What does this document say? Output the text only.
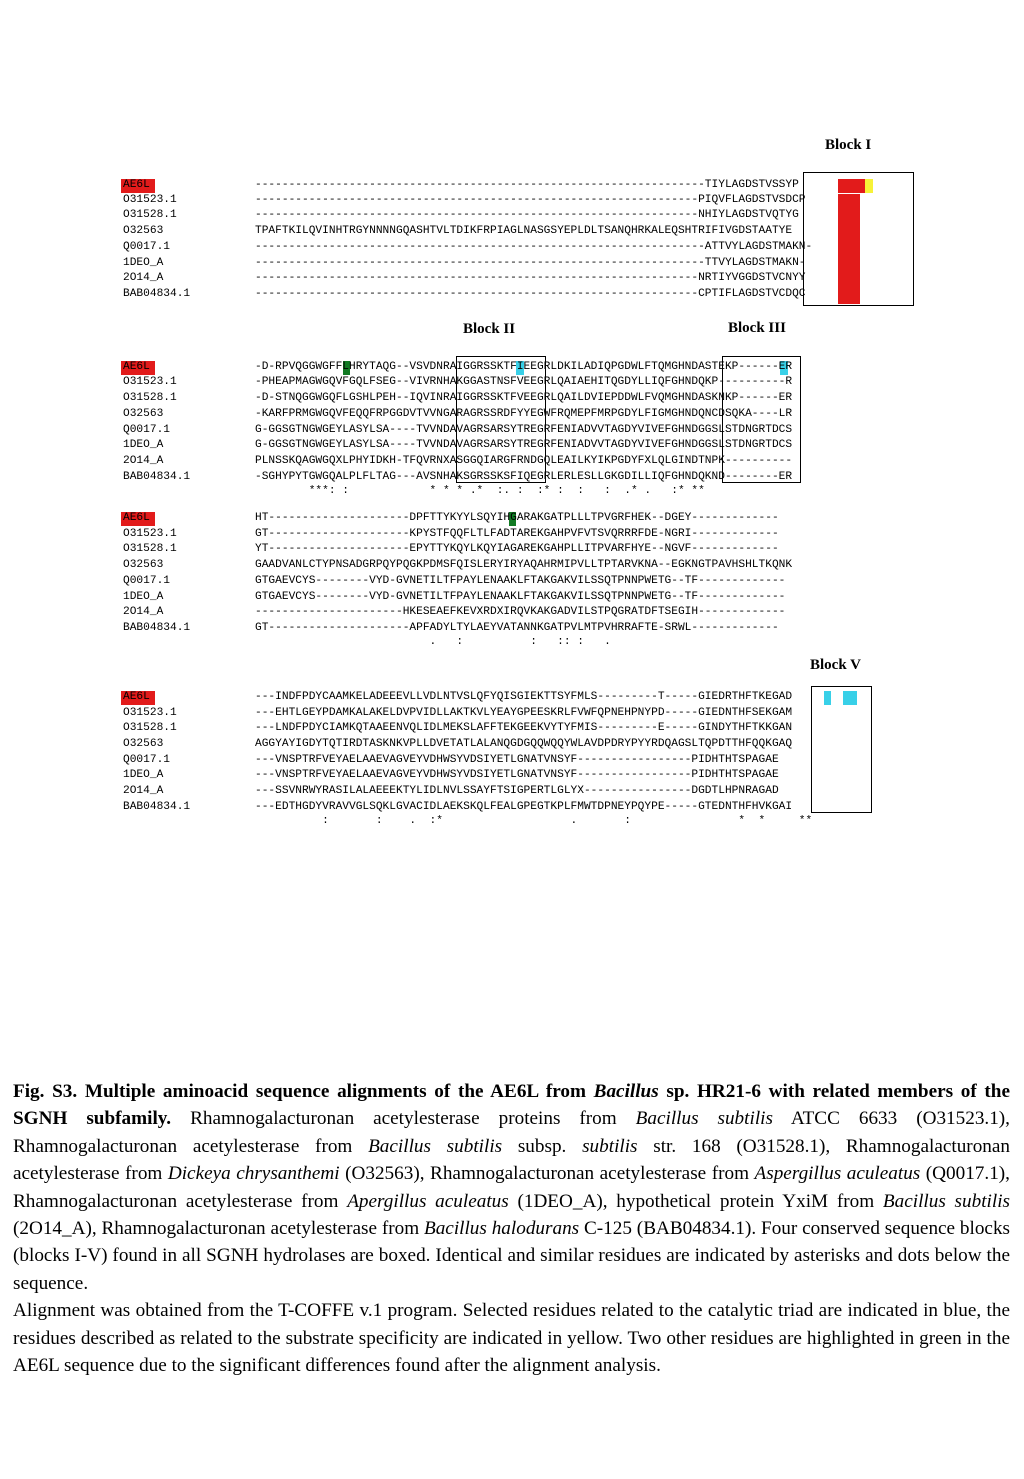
Block I
Block II	Block III
Block V
AE6L	-------------------------------------------------------------------TIYLAGDSTVSSYP
O31523.1	------------------------------------------------------------------PIQVFLAGDSTVSDCP
O31528.1	------------------------------------------------------------------NHIYLAGDSTVQTYG
O32563	TPAFTKILQVINHTRGYNNNNGQASHTVLTDIKFRPIAGLNASGSYEPLDLTSANQHRKALEQSHTRIFIVGDSTAATYE
Q0017.1	-------------------------------------------------------------------ATTVYLAGDSTMAKN-
1DEO_A	-------------------------------------------------------------------TTVYLAGDSTMAKN-
2O14_A	------------------------------------------------------------------NRTIYVGGDSTVCNYY
BAB04834.1	------------------------------------------------------------------CPTIFLAGDSTVCDQC
AE6L	-D-RPVQGGWGFFLHRYTAQG--VSVDNRAIGGRSSKTFIEEGRLDKILADIQPGDWLFTQMGHNDASTEKP------ER
O31523.1	-PHEAPMAGWGQVFGQLFSEG--VIVRNHAKGGASTNSFVEEGRLQAIAEHITQGDYLLIQFGHNDQKP----------R
O31528.1	-D-STNQGGWGQFLGSHLPEH--IQVINRAIGGRSSKTFVEEGRLQAILDVIEPDDWLFVQMGHNDASKNKP------ER
O32563	-KARFPRMGWGQVFEQQFRPGGDVTVVNGARAGRSSRDFYYEGWFRQMEPFMRPGDYLFIGMGHNDQNCDSQKA----LR
Q0017.1	G-GGSGTNGWGEYLASYLSA----TVVNDAVAGRSARSYTREGRFENIADVVTAGDYVIVEFGHNDGGSLSTDNGRTDCS
1DEO_A	G-GGSGTNGWGEYLASYLSA----TVVNDAVAGRSARSYTREGRFENIADVVTAGDYVIVEFGHNDGGSLSTDNGRTDCS
2O14_A	PLNSSKQAGWGQXLPHYIDKH-TFQVRNXASGGQIARGFRNDGQLEAILKYIKPGDYFXLQLGINDTNPK----------
BAB04834.1	-SGHYPYTGWGQALPLFLTAG---AVSNHAKSGRSSKSFIQEGRLERLESLLGKGDILLIQFGHNDQKND--------ER
***: :            * * * .*  :. :  :* :  :   :  .* .   :* **
AE6L	HT---------------------DPFTTYKYYLSQYIHGARAKGATPLLLTPVGRFHEK--DGEY-------------
O31523.1	GT---------------------KPYSTFQQFLTLFADTAREKGAHPVFVTSVQRRRFDE-NGRI-------------
O31528.1	YT---------------------EPYTTYKQYLKQYIAGAREKGAHPLLITPVARFHYE--NGVF-------------
O32563	GAADVANLCTYPNSADGRPQYPQGKPDMSFQISLERYIRYAQAHRMIPVLLTPTARVKNA--EGKNGTPAVHSHLTKQNK
Q0017.1	GTGAEVCYS--------VYD-GVNETILTFPAYLENAAKLFTAKGAKVILSSQTPNNPWETG--TF-------------
1DEO_A	GTGAEVCYS--------VYD-GVNETILTFPAYLENAAKLFTAKGAKVILSSQTPNNPWETG--TF-------------
2O14_A	----------------------HKESEAEFKEVXRDXIRQVKAKGADVILSTPQGRATDFTSEGIH-------------
BAB04834.1	GT---------------------APFADYLTYLAEYVATANNKGATPVLMTPVHRRAFTE-SRWL-------------
.   :          :   :: :   .
AE6L	---INDFPDYCAAMKELADEEEVLLVDLNTVSLQFYQISGIEKTTSYFMLS---------T-----GIEDRTHFTKEGAD
O31523.1	---EHTLGEYPDAMKALAKELDVPVIDLLAKTKVLYEAYGPEESKRLFVWFQPNEHPNYPD-----GIEDNTHFSEKGAM
O31528.1	---LNDFPDYCIAMKQTAAEENVQLIDLMEKSLAFFTEKGEEKVYTYFMIS---------E-----GINDYTHFTKKGAN
O32563	AGGYAYIGDYTQTIRDTASKNKVPLLDVETATLALANQGDGQQWQQYWLAVDPDRYPYYRDQAGSLTQPDTTHFQQKGAQ
Q0017.1	---VNSPTRFVEYAELAAEVAGVEYVDHWSYVDSIYETLGNATVNSYF-----------------PIDHTHTSPAGAE
1DEO_A	---VNSPTRFVEYAELAAEVAGVEYVDHWSYVDSIYETLGNATVNSYF-----------------PIDHTHTSPAGAE
2O14_A	---SSVNRWYRASILALAEEEKTYLIDLNVLSSAYFTSIGPERTLGLYX----------------DGDTLHPNRAGAD
BAB04834.1	---EDTHGDYVRAVVGLSQKLGVACIDLAEKSKQLFEALGPEGTKPLFMWTDPNEYPQYPE-----GTEDNTHFHVKGAI
:       :    .  :*                   .       :                *  *     **

Fig. S3. Multiple aminoacid sequence alignments of the AE6L from Bacillus sp. HR21-6 with related members of the SGNH subfamily. Rhamnogalacturonan acetylesterase proteins from Bacillus subtilis ATCC 6633 (O31523.1), Rhamnogalacturonan acetylesterase from Bacillus subtilis subsp. subtilis str. 168 (O31528.1), Rhamnogalacturonan acetylesterase from Dickeya chrysanthemi (O32563), Rhamnogalacturonan acetylesterase from Aspergillus aculeatus (Q0017.1), Rhamnogalacturonan acetylesterase from Apergillus aculeatus (1DEO_A), hypothetical protein YxiM from Bacillus subtilis (2O14_A), Rhamnogalacturonan acetylesterase from Bacillus halodurans C-125 (BAB04834.1). Four conserved sequence blocks (blocks I-V) found in all SGNH hydrolases are boxed. Identical and similar residues are indicated by asterisks and dots below the sequence.

Alignment was obtained from the T-COFFE v.1 program. Selected residues related to the catalytic triad are indicated in blue, the residues described as related to the substrate specificity are indicated in yellow. Two other residues are highlighted in green in the AE6L sequence due to the significant differences found after the alignment analysis.
